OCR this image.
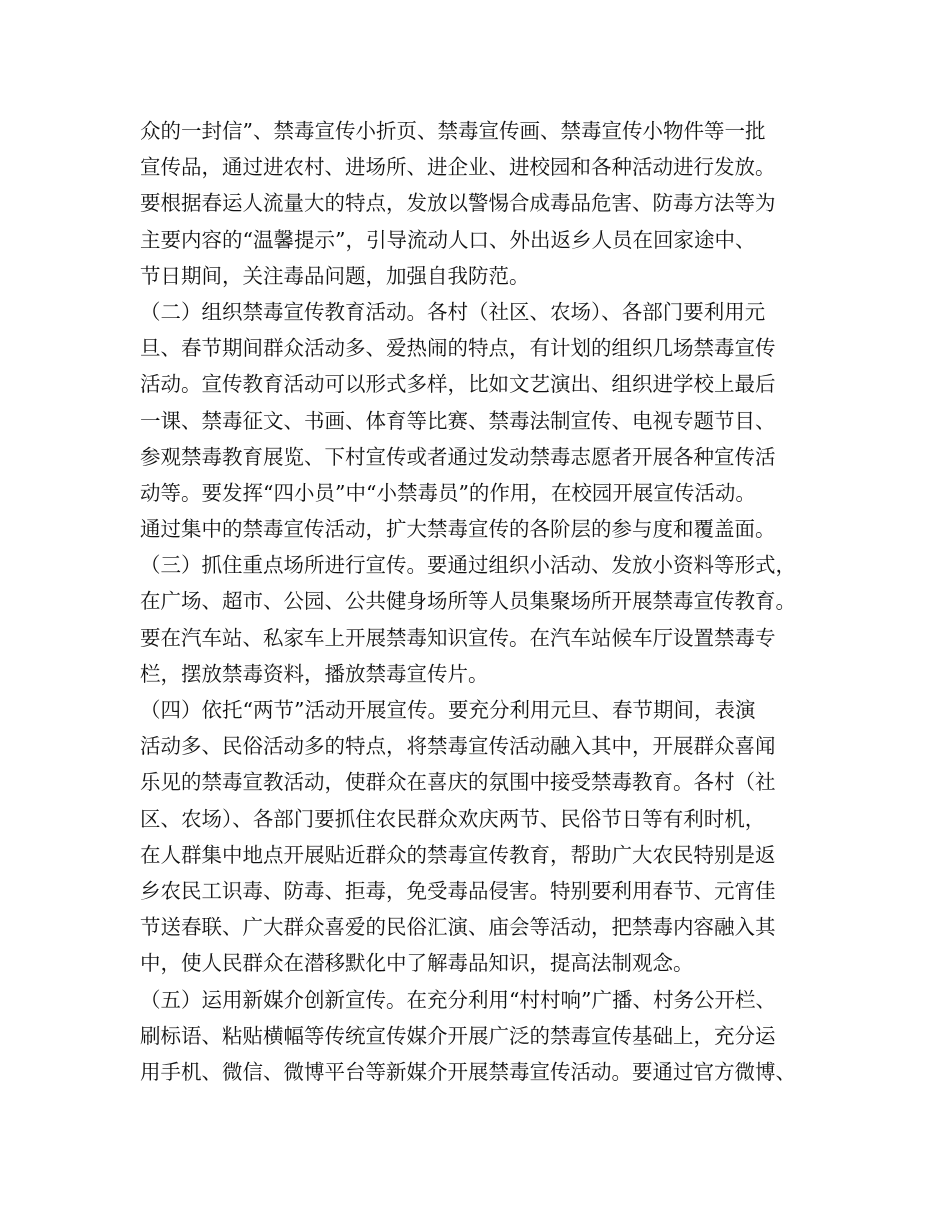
众的一封信”、禁毒宣传小折页、禁毒宣传画、禁毒宣传小物件等一批
宣传品，通过进农村、进场所、进企业、进校园和各种活动进行发放。
要根据春运人流量大的特点，发放以警惕合成毒品危害、防毒方法等为
主要内容的“温馨提示”，引导流动人口、外出返乡人员在回家途中、
节日期间，关注毒品问题，加强自我防范。
（二）组织禁毒宣传教育活动。各村（社区、农场）、各部门要利用元
旦、春节期间群众活动多、爱热闹的特点，有计划的组织几场禁毒宣传
活动。宣传教育活动可以形式多样，比如文艺演出、组织进学校上最后
一课、禁毒征文、书画、体育等比赛、禁毒法制宣传、电视专题节目、
参观禁毒教育展览、下村宣传或者通过发动禁毒志愿者开展各种宣传活
动等。要发挥“四小员”中“小禁毒员”的作用，在校园开展宣传活动。
通过集中的禁毒宣传活动，扩大禁毒宣传的各阶层的参与度和覆盖面。
（三）抓住重点场所进行宣传。要通过组织小活动、发放小资料等形式，
在广场、超市、公园、公共健身场所等人员集聚场所开展禁毒宣传教育。
要在汽车站、私家车上开展禁毒知识宣传。在汽车站候车厅设置禁毒专
栏，摆放禁毒资料，播放禁毒宣传片。
（四）依托“两节”活动开展宣传。要充分利用元旦、春节期间，表演
活动多、民俗活动多的特点，将禁毒宣传活动融入其中，开展群众喜闻
乐见的禁毒宣教活动，使群众在喜庆的氛围中接受禁毒教育。各村（社
区、农场）、各部门要抓住农民群众欢庆两节、民俗节日等有利时机，
在人群集中地点开展贴近群众的禁毒宣传教育，帮助广大农民特别是返
乡农民工识毒、防毒、拒毒，免受毒品侵害。特别要利用春节、元宵佳
节送春联、广大群众喜爱的民俗汇演、庙会等活动，把禁毒内容融入其
中，使人民群众在潜移默化中了解毒品知识，提高法制观念。
（五）运用新媒介创新宣传。在充分利用“村村响”广播、村务公开栏、
刷标语、粘贴横幅等传统宣传媒介开展广泛的禁毒宣传基础上，充分运
用手机、微信、微博平台等新媒介开展禁毒宣传活动。要通过官方微博、
